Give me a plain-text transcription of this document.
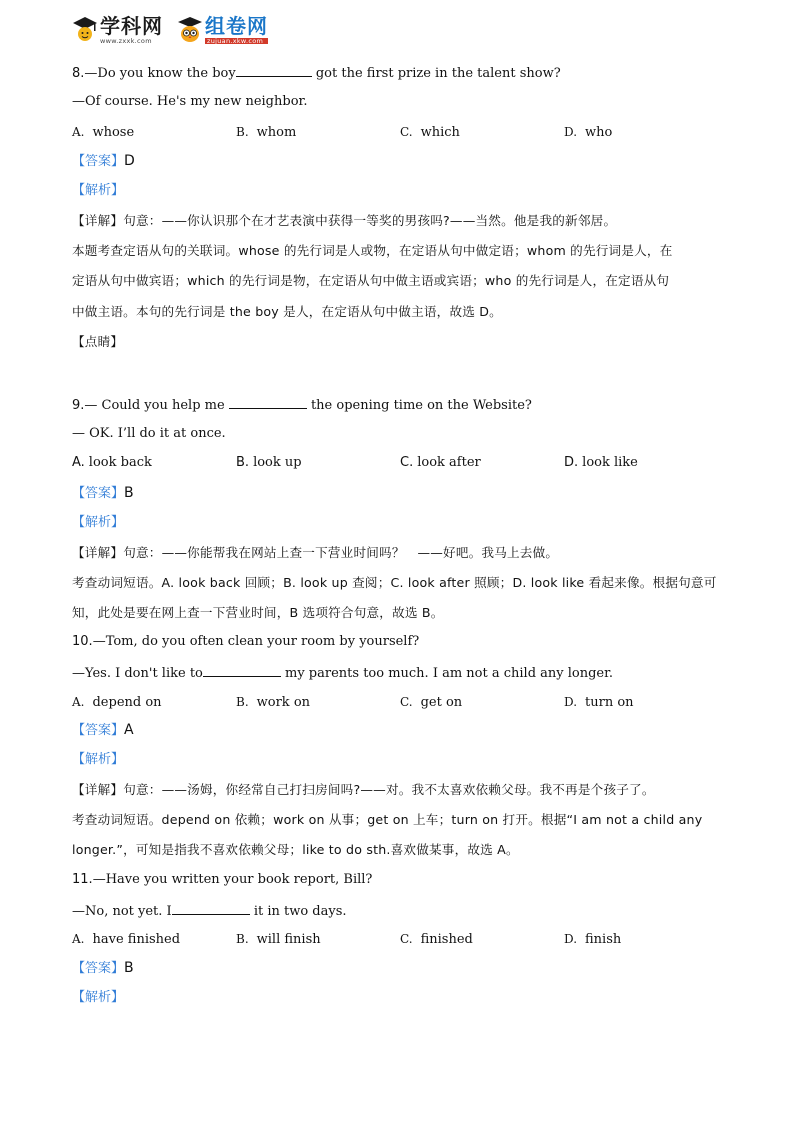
学科网
www.zxxk.com
组卷网
zujuan.xkw.com
8.—Do you know the boy	got the first prize in the talent show?
—Of course. He's my new neighbor.
A. whose	B. whom	C. which	D. who
【答案】D
【解析】
【详解】句意：——你认识那个在才艺表演中获得一等奖的男孩吗?——当然。他是我的新邻居。
本题考查定语从句的关联词。whose 的先行词是人或物，在定语从句中做定语；whom 的先行词是人，在
定语从句中做宾语；which 的先行词是物，在定语从句中做主语或宾语；who 的先行词是人，在定语从句
中做主语。本句的先行词是 the boy 是人，在定语从句中做主语，故选 D。
【点睛】
9.— Could you help me	the opening time on the Website?
— OK. I’ll do it at once.
A. look back	B. look up	C. look after	D. look like
【答案】B
【解析】
【详解】句意：——你能帮我在网站上查一下营业时间吗？　——好吧。我马上去做。
考查动词短语。A. look back 回顾；B. look up 查阅；C. look after 照顾；D. look like 看起来像。根据句意可
知，此处是要在网上查一下营业时间，B 选项符合句意，故选 B。
10.—Tom, do you often clean your room by yourself?
—Yes. I don't like to	my parents too much. I am not a child any longer.
A. depend on	B. work on	C. get on	D. turn on
【答案】A
【解析】
【详解】句意：——汤姆，你经常自己打扫房间吗?——对。我不太喜欢依赖父母。我不再是个孩子了。
考查动词短语。depend on 依赖；work on 从事；get on 上车；turn on 打开。根据“I am not a child any
longer.”，可知是指我不喜欢依赖父母；like to do sth.喜欢做某事，故选 A。
11.—Have you written your book report, Bill?
—No, not yet. I	it in two days.
A. have finished	B. will finish	C. finished	D. finish
【答案】B
【解析】
